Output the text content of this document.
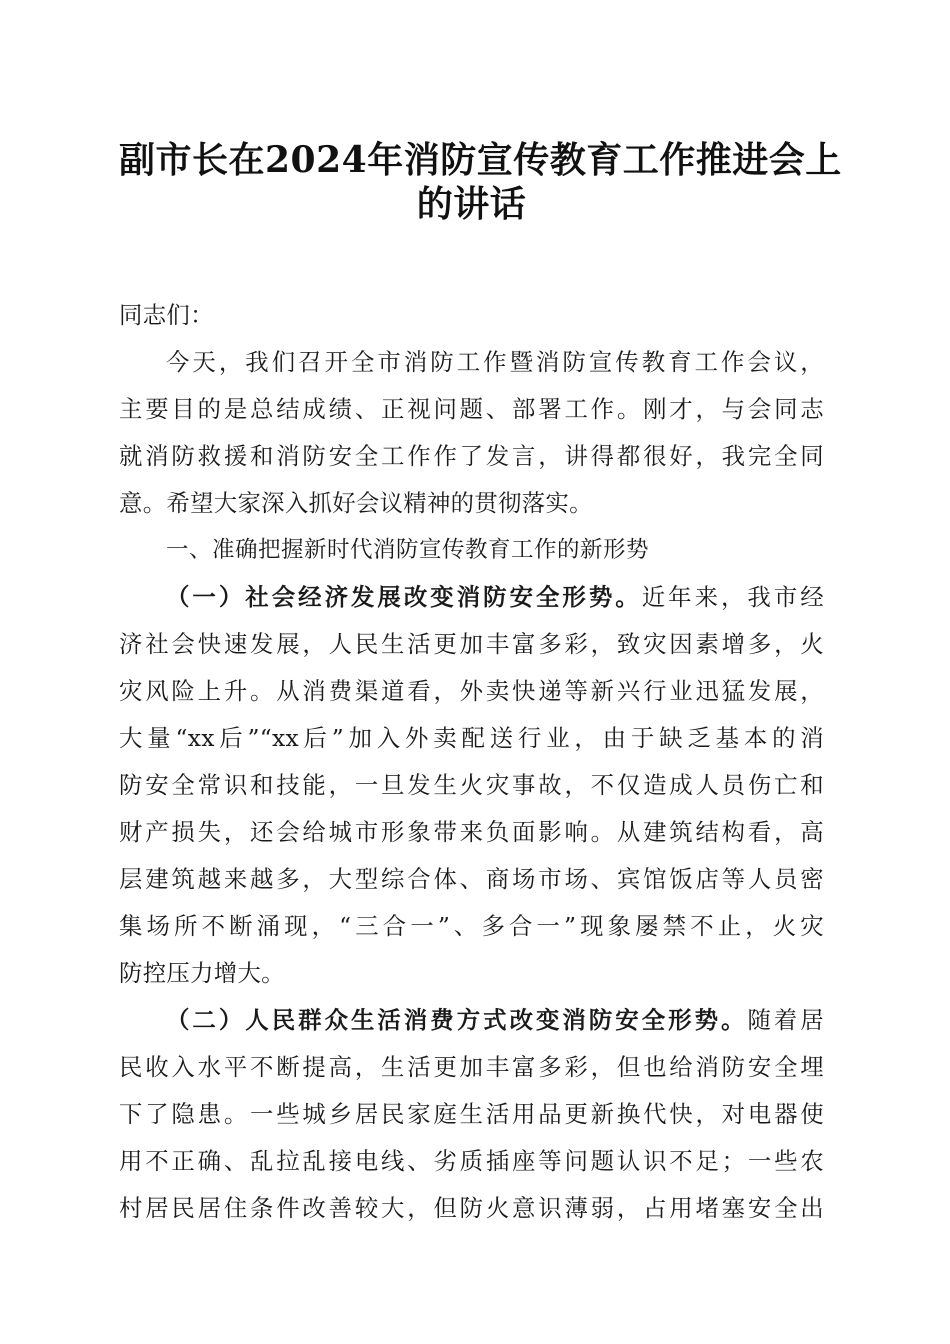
副市长在2024年消防宣传教育工作推进会上
的讲话

同志们：

今天，我们召开全市消防工作暨消防宣传教育工作会议，
主要目的是总结成绩、正视问题、部署工作。刚才，与会同志
就消防救援和消防安全工作作了发言，讲得都很好，我完全同
意。希望大家深入抓好会议精神的贯彻落实。

一、准确把握新时代消防宣传教育工作的新形势

（一）社会经济发展改变消防安全形势。近年来，我市经
济社会快速发展，人民生活更加丰富多彩，致灾因素增多，火
灾风险上升。从消费渠道看，外卖快递等新兴行业迅猛发展，
大量“xx后”“xx后”加入外卖配送行业，由于缺乏基本的消
防安全常识和技能，一旦发生火灾事故，不仅造成人员伤亡和
财产损失，还会给城市形象带来负面影响。从建筑结构看，高
层建筑越来越多，大型综合体、商场市场、宾馆饭店等人员密
集场所不断涌现，“三合一”、多合一”现象屡禁不止，火灾
防控压力增大。

（二）人民群众生活消费方式改变消防安全形势。随着居
民收入水平不断提高，生活更加丰富多彩，但也给消防安全埋
下了隐患。一些城乡居民家庭生活用品更新换代快，对电器使
用不正确、乱拉乱接电线、劣质插座等问题认识不足；一些农
村居民居住条件改善较大，但防火意识薄弱，占用堵塞安全出
